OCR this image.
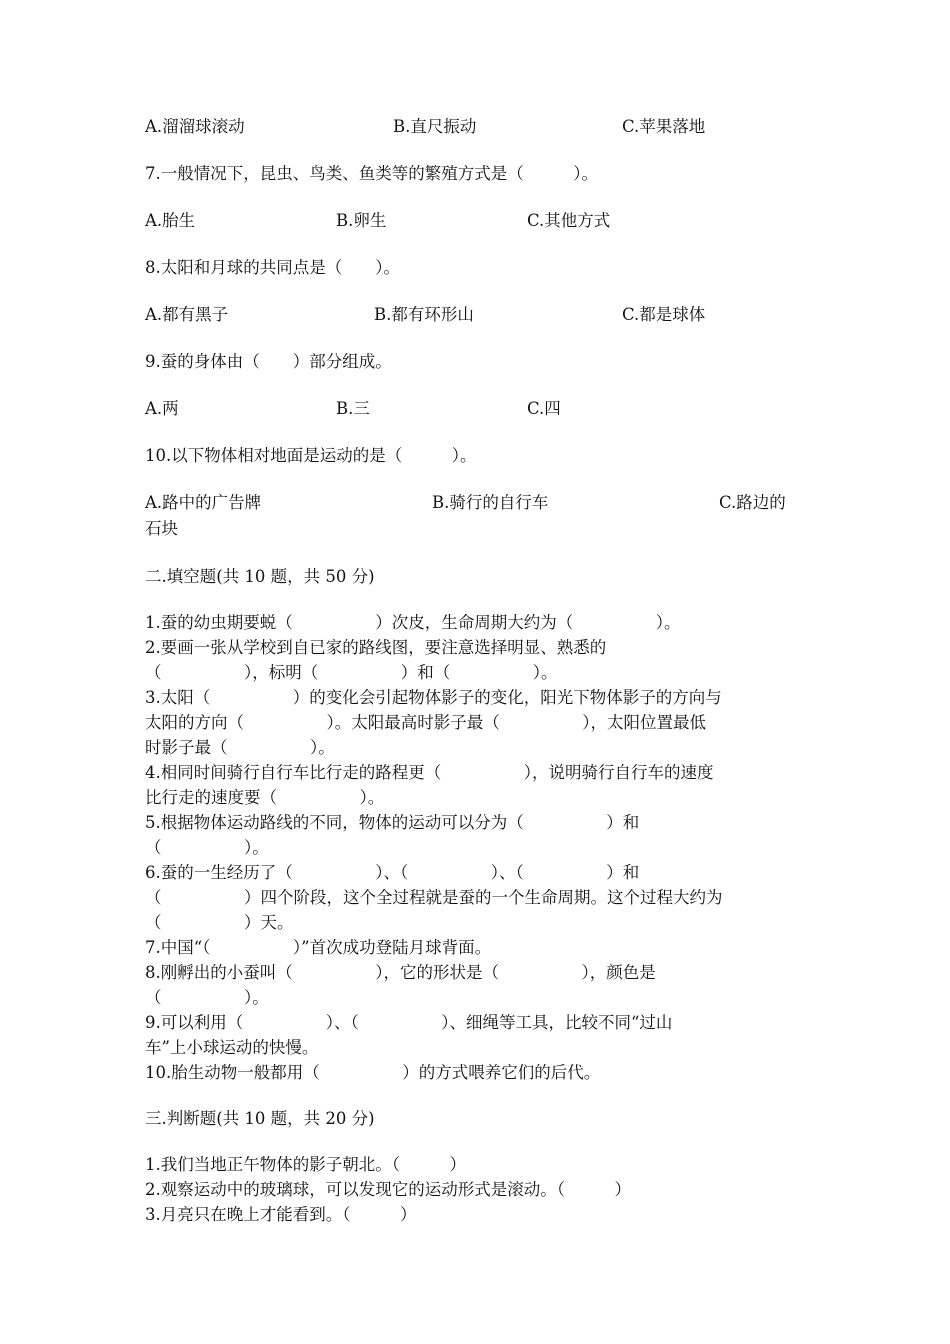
A.溜溜球滚动	B.直尺振动	C.苹果落地
7.一般情况下，昆虫、鸟类、鱼类等的繁殖方式是（　　　）。
A.胎生	B.卵生	C.其他方式
8.太阳和月球的共同点是（　　）。
A.都有黑子	B.都有环形山	C.都是球体
9.蚕的身体由（　　）部分组成。
A.两	B.三	C.四
10.以下物体相对地面是运动的是（　　　）。
A.路中的广告牌	B.骑行的自行车	C.路边的
石块
二.填空题(共 10 题，共 50 分)
1.蚕的幼虫期要蜕（　　　　　）次皮，生命周期大约为（　　　　　）。
2.要画一张从学校到自已家的路线图，要注意选择明显、熟悉的
（　　　　　），标明（　　　　　）和（　　　　　）。
3.太阳（　　　　　）的变化会引起物体影子的变化，阳光下物体影子的方向与
太阳的方向（　　　　　）。太阳最高时影子最（　　　　　），太阳位置最低
时影子最（　　　　　）。
4.相同时间骑行自行车比行走的路程更（　　　　　），说明骑行自行车的速度
比行走的速度要（　　　　　）。
5.根据物体运动路线的不同，物体的运动可以分为（　　　　　）和
（　　　　　）。
6.蚕的一生经历了（　　　　　）、（　　　　　）、（　　　　　）和
（　　　　　）四个阶段，这个全过程就是蚕的一个生命周期。这个过程大约为
（　　　　　）天。
7.中国“（　　　　　）”首次成功登陆月球背面。
8.刚孵出的小蚕叫（　　　　　），它的形状是（　　　　　），颜色是
（　　　　　）。
9.可以利用（　　　　　）、（　　　　　）、细绳等工具，比较不同“过山
车”上小球运动的快慢。
10.胎生动物一般都用（　　　　　）的方式喂养它们的后代。
三.判断题(共 10 题，共 20 分)
1.我们当地正午物体的影子朝北。（　　　）
2.观察运动中的玻璃球，可以发现它的运动形式是滚动。（　　　）
3.月亮只在晚上才能看到。（　　　）
